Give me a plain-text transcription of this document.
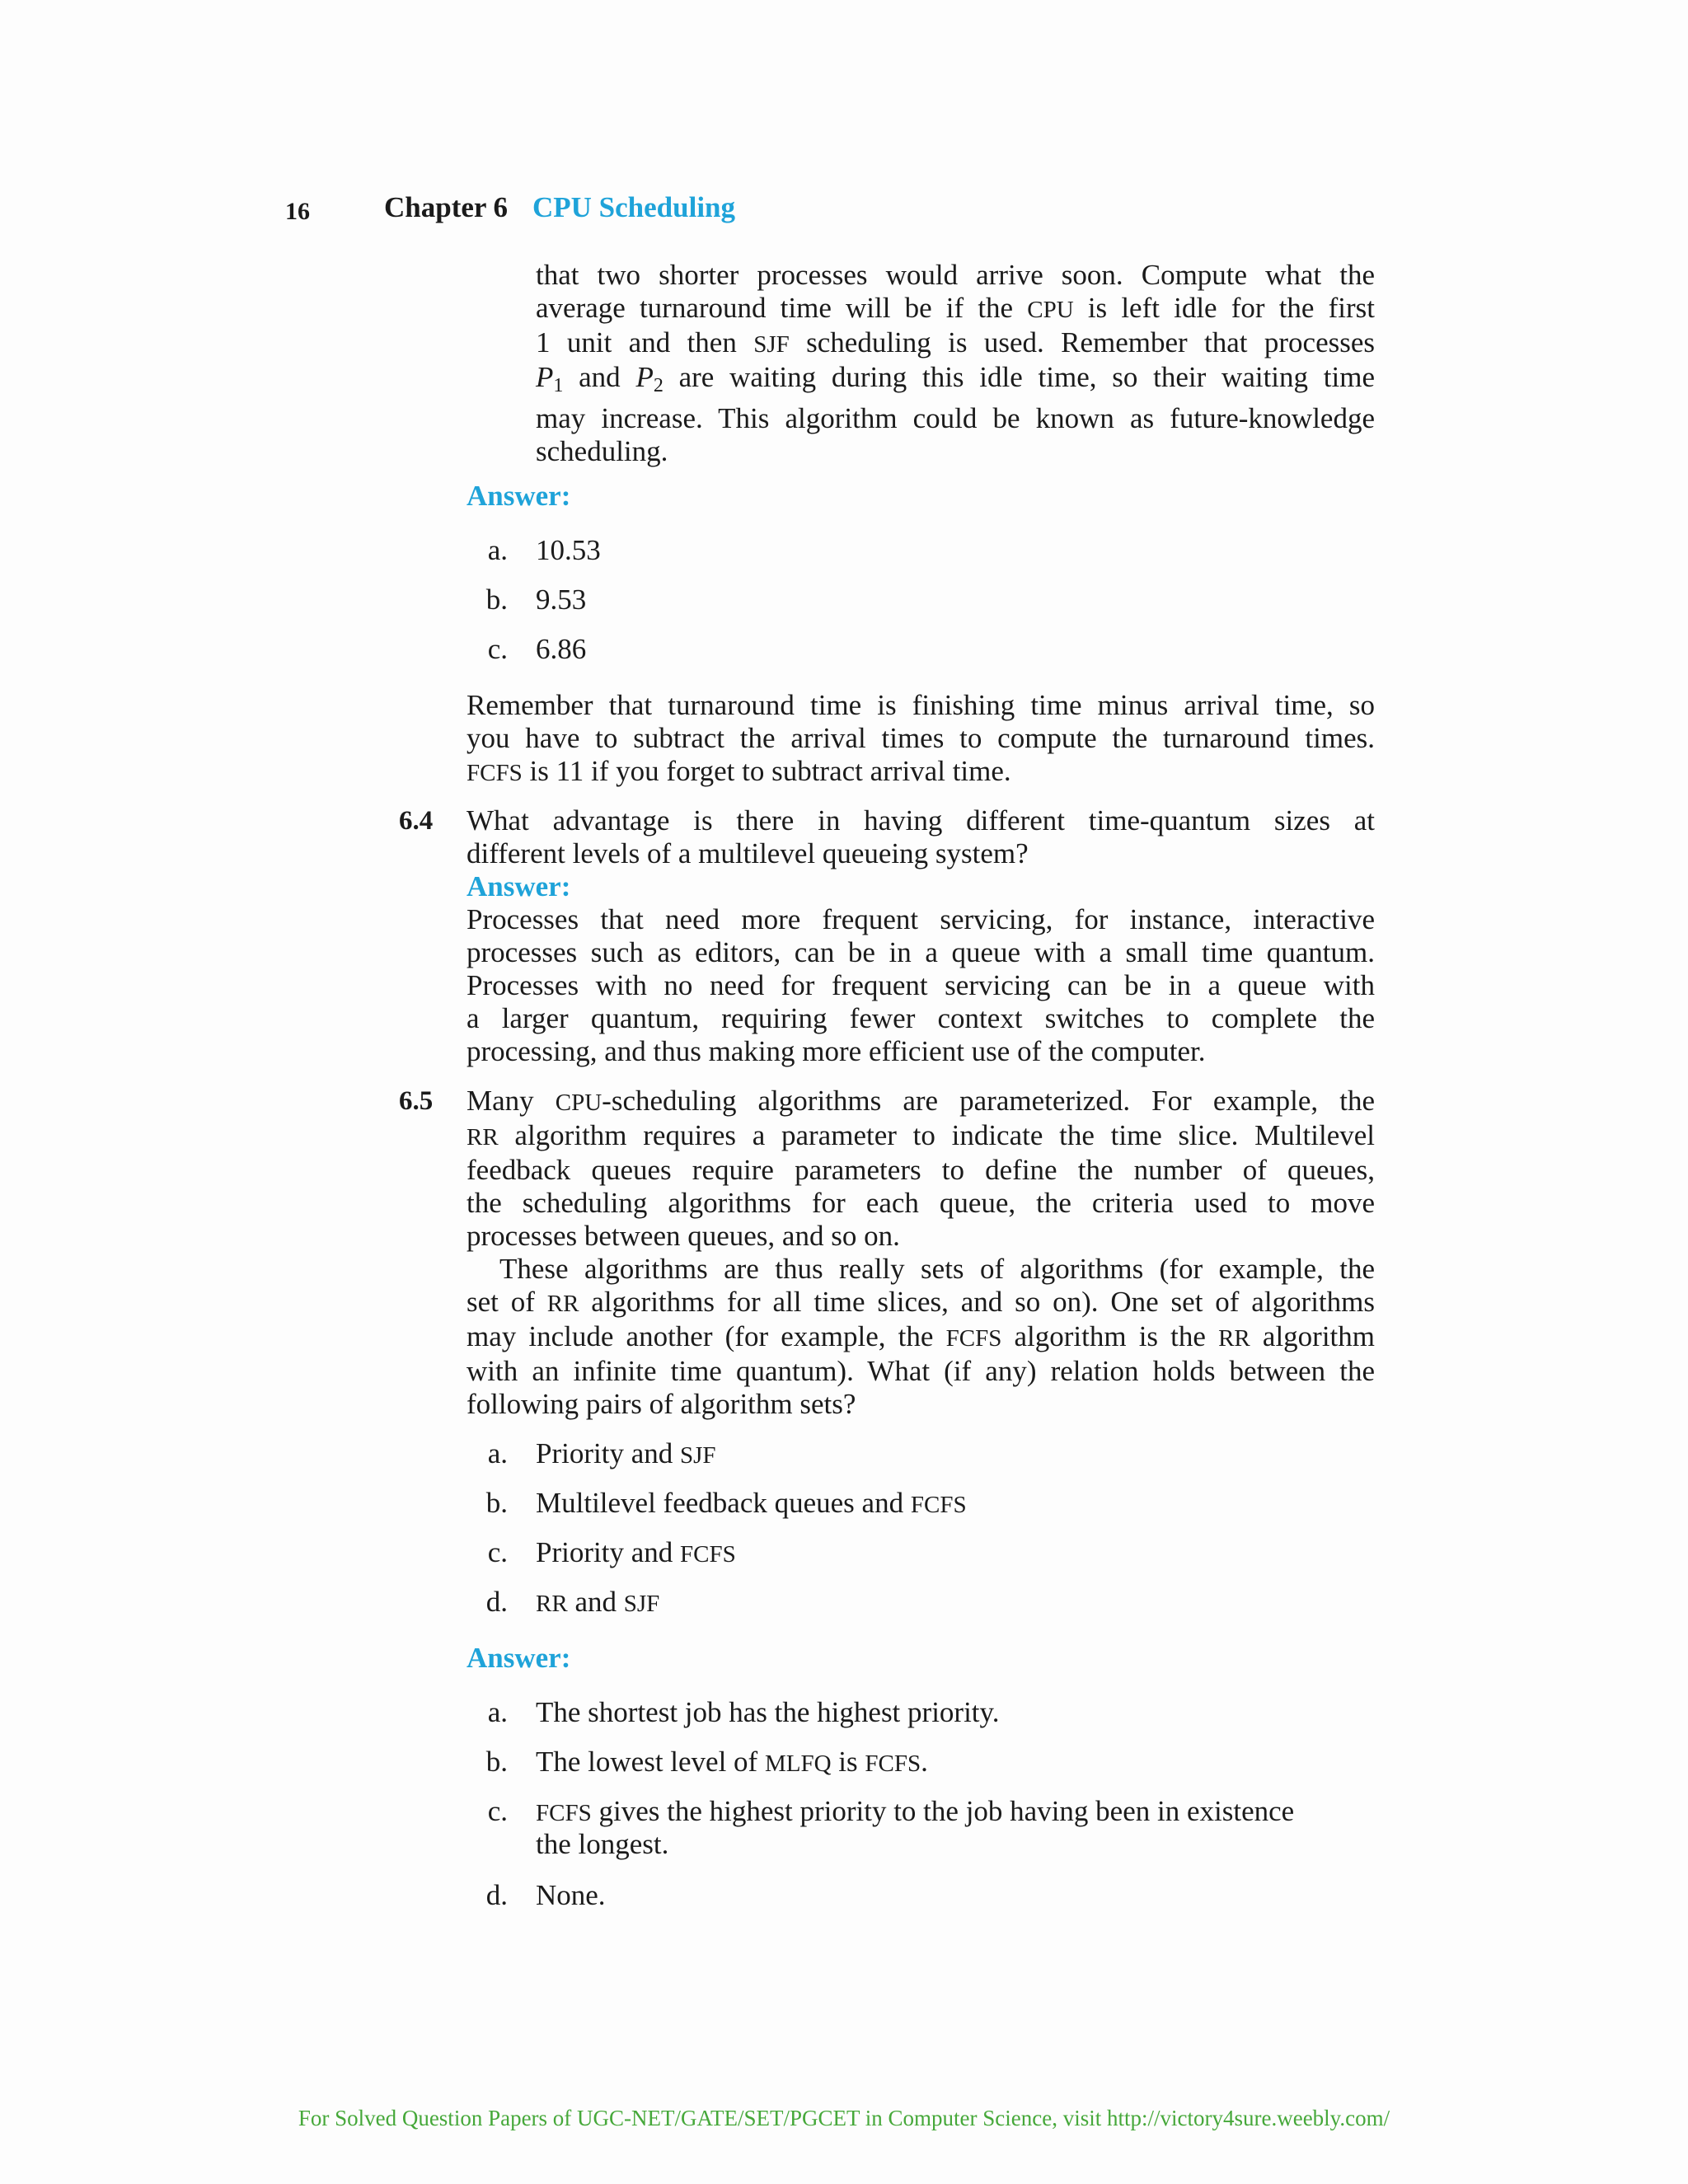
16	Chapter 6 CPU Scheduling
that two shorter processes would arrive soon. Compute what the
average turnaround time will be if the CPU is left idle for the first
1 unit and then SJF scheduling is used. Remember that processes
$P_1$ and $P_2$ are waiting during this idle time, so their waiting time
may increase. This algorithm could be known as future-knowledge
scheduling.
Answer:
a. 10.53
b. 9.53
c. 6.86
Remember that turnaround time is finishing time minus arrival time, so
you have to subtract the arrival times to compute the turnaround times.
FCFS is 11 if you forget to subtract arrival time.
6.4 What advantage is there in having different time-quantum sizes at
different levels of a multilevel queueing system?
Answer:
Processes that need more frequent servicing, for instance, interactive
processes such as editors, can be in a queue with a small time quantum.
Processes with no need for frequent servicing can be in a queue with
a larger quantum, requiring fewer context switches to complete the
processing, and thus making more efficient use of the computer.
6.5 Many CPU-scheduling algorithms are parameterized. For example, the
RR algorithm requires a parameter to indicate the time slice. Multilevel
feedback queues require parameters to define the number of queues,
the scheduling algorithms for each queue, the criteria used to move
processes between queues, and so on.
These algorithms are thus really sets of algorithms (for example, the
set of RR algorithms for all time slices, and so on). One set of algorithms
may include another (for example, the FCFS algorithm is the RR algorithm
with an infinite time quantum). What (if any) relation holds between the
following pairs of algorithm sets?
a. Priority and SJF
b. Multilevel feedback queues and FCFS
c. Priority and FCFS
d. RR and SJF
Answer:
a. The shortest job has the highest priority.
b. The lowest level of MLFQ is FCFS.
c. FCFS gives the highest priority to the job having been in existence
the longest.
d. None.
For Solved Question Papers of UGC-NET/GATE/SET/PGCET in Computer Science, visit http://victory4sure.weebly.com/
